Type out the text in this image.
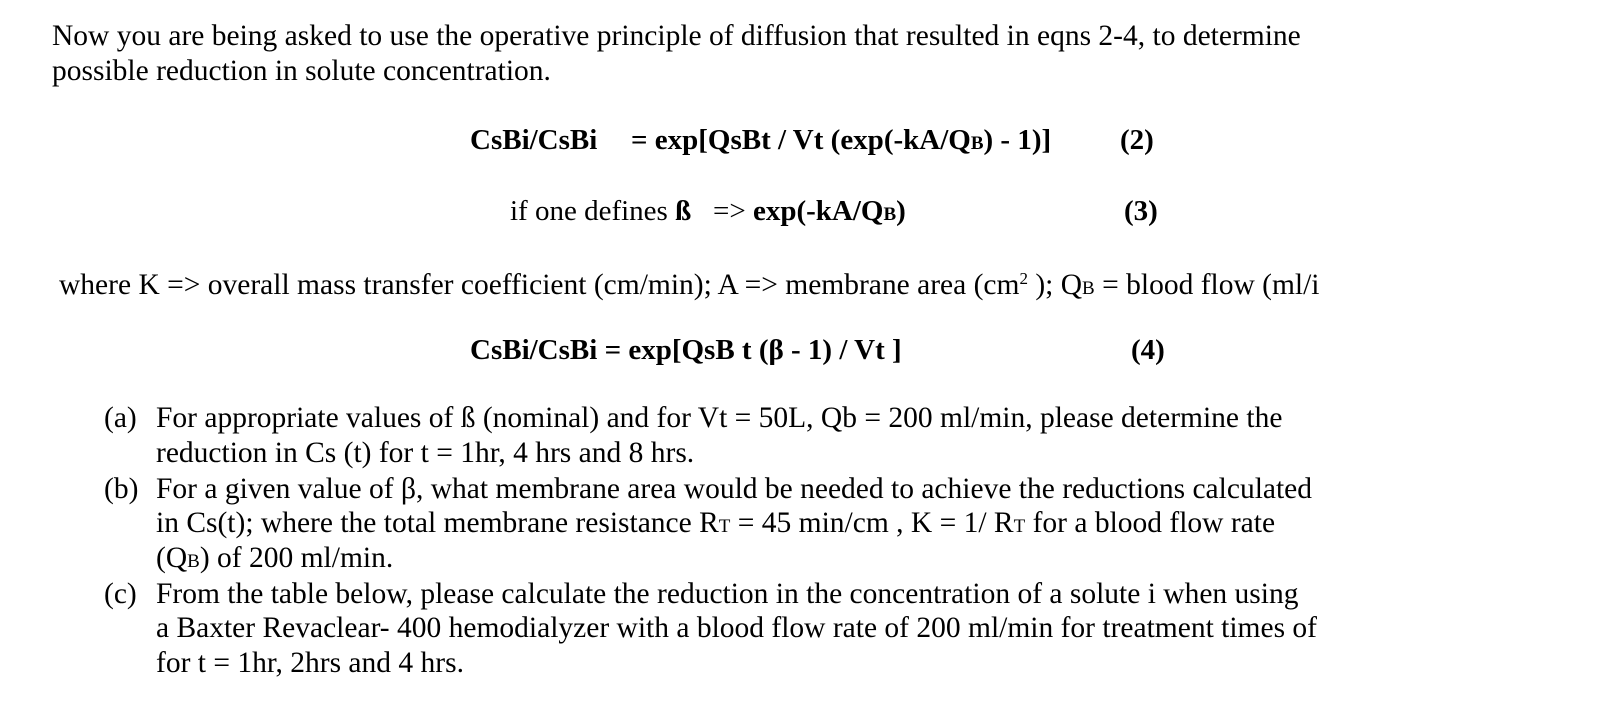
Now you are being asked to use the operative principle of diffusion that resulted in eqns 2-4, to determine
possible reduction in solute concentration.
CsBi/CsBi = exp[QsBt / Vt (exp(-kA/QB) - 1)] (2)
if one defines ß => exp(-kA/QB)	(3)
where K => overall mass transfer coefficient (cm/min); A => membrane area ($cm^2$ ); QB = blood flow (ml/i
CsBi/CsBi = exp[QsB t (β - 1) / Vt ]	(4)
(a) For appropriate values of ß (nominal) and for Vt = 50L, Qb = 200 ml/min, please determine the
reduction in Cs (t) for t = 1hr, 4 hrs and 8 hrs.
(b) For a given value of β, what membrane area would be needed to achieve the reductions calculated
in Cs(t); where the total membrane resistance RT = 45 min/cm , K = 1/ RT for a blood flow rate
(QB) of 200 ml/min.
(c) From the table below, please calculate the reduction in the concentration of a solute i when using
a Baxter Revaclear- 400 hemodialyzer with a blood flow rate of 200 ml/min for treatment times of
for t = 1hr, 2hrs and 4 hrs.
